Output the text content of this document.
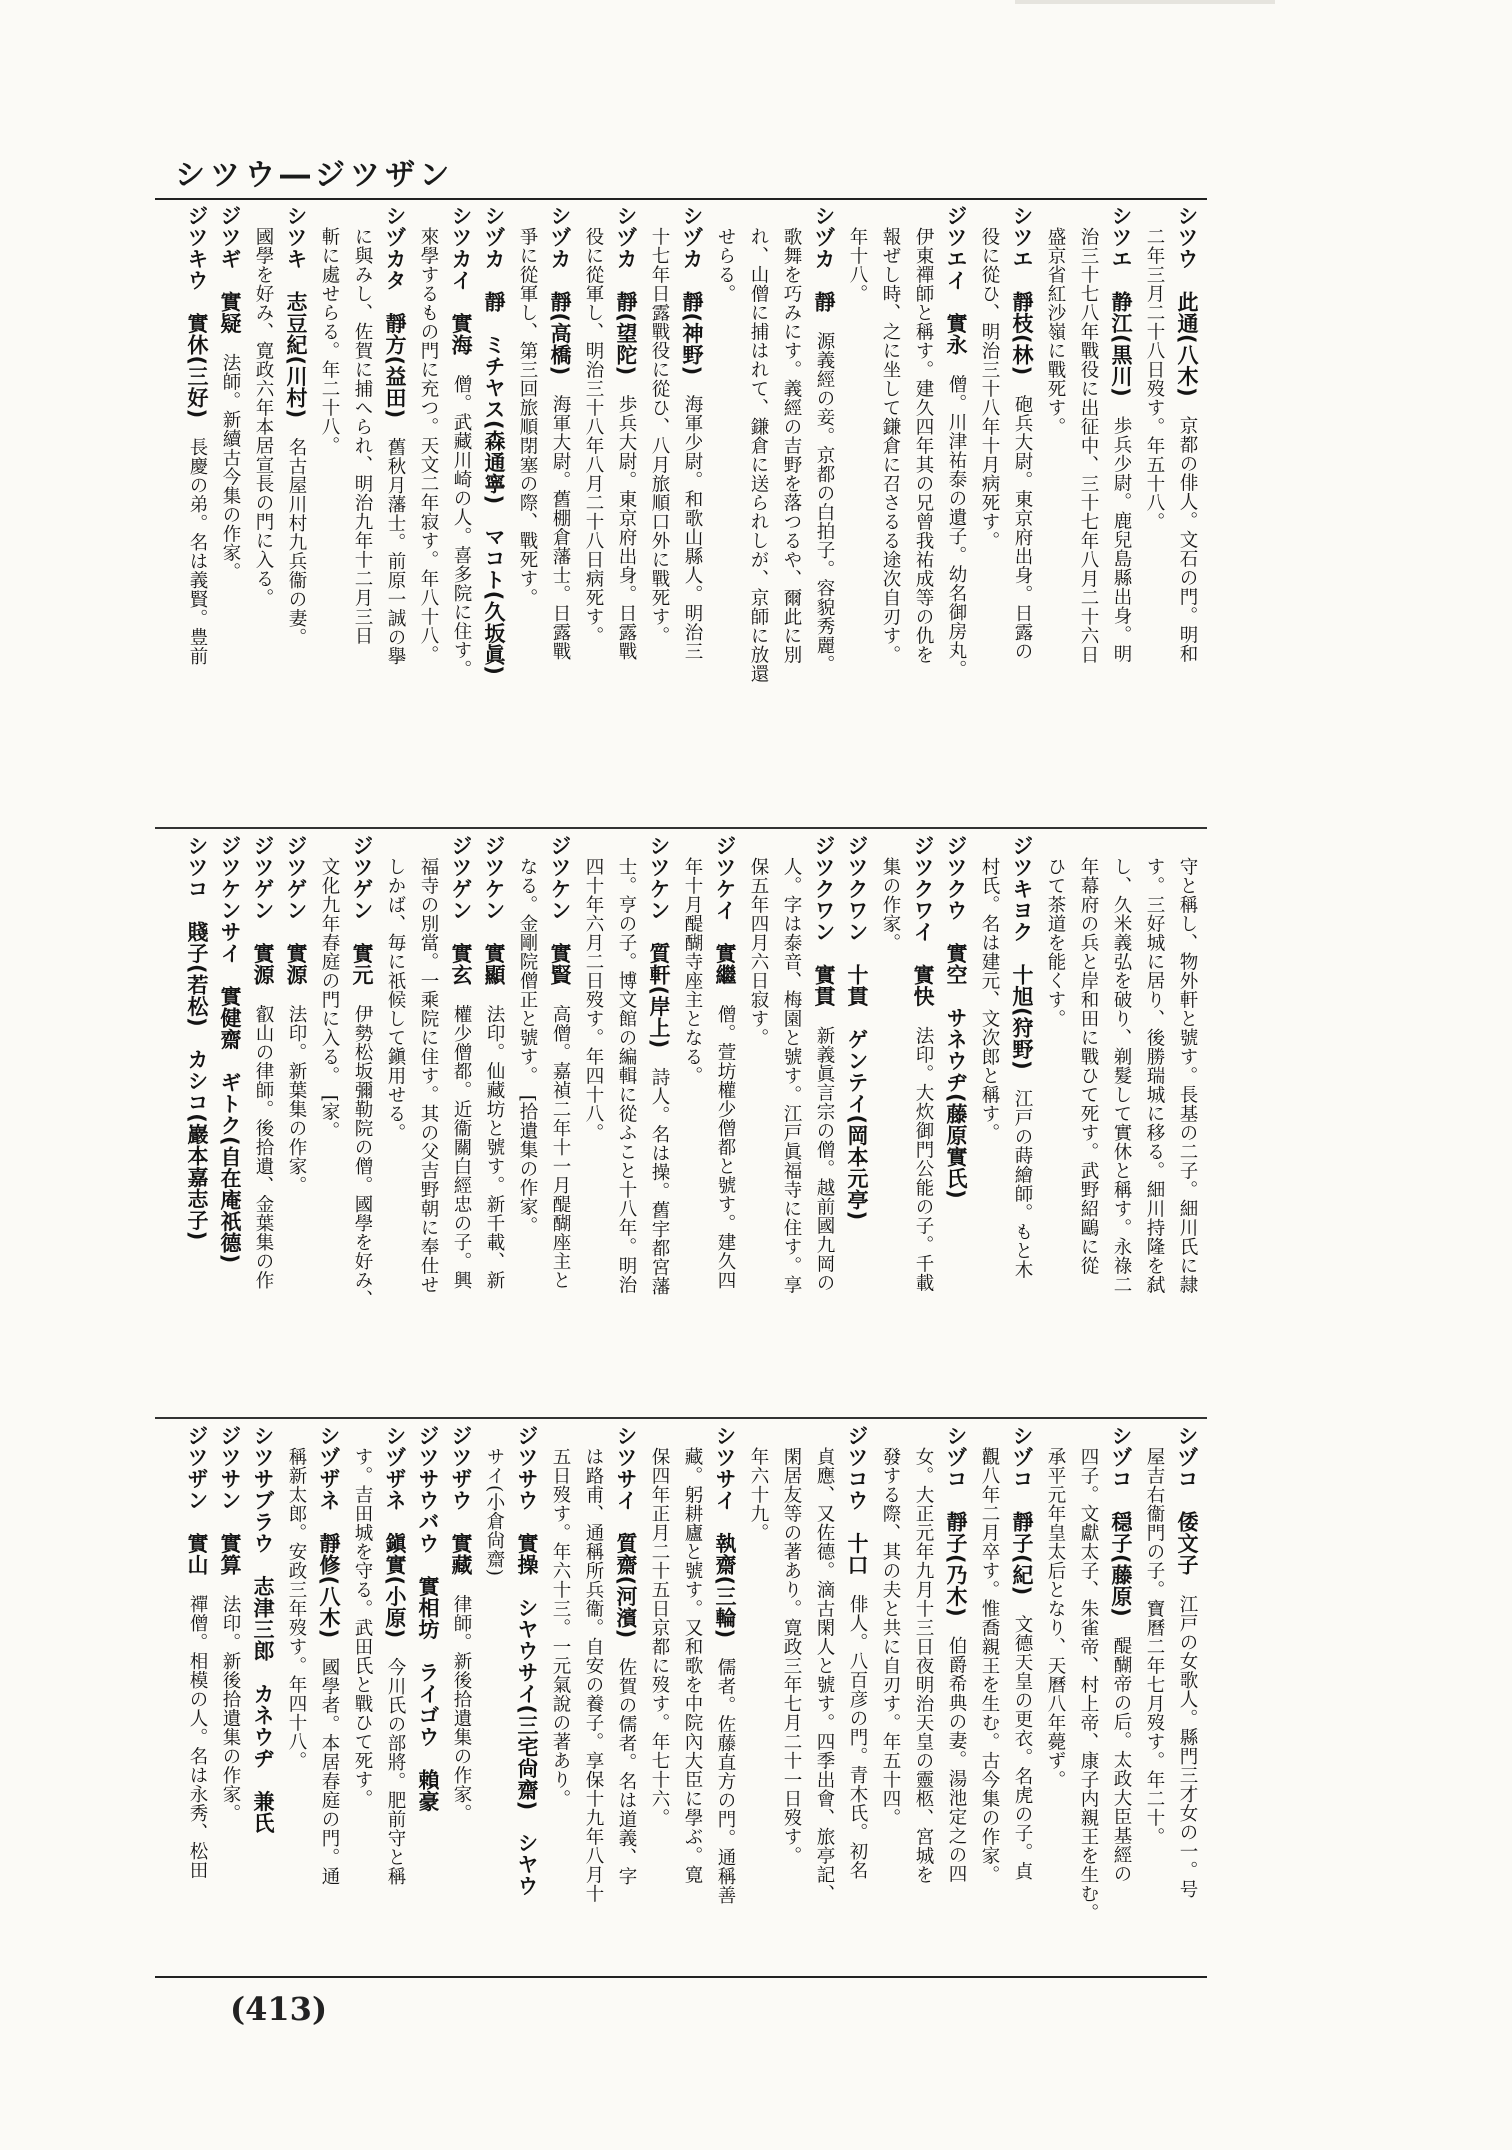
シツウ―ジツザン
シツウ　此通(八木)　京都の俳人。文石の門。明和
二年三月二十八日歿す。年五十八。
シツエ　静江(黒川)　歩兵少尉。鹿兒島縣出身。明
治三十七八年戰役に出征中、三十七年八月二十六日
盛京省紅沙嶺に戰死す。
シツエ　靜枝(林)　砲兵大尉。東京府出身。日露の
役に從ひ、明治三十八年十月病死す。
ジツエイ　實永　僧。川津祐泰の遺子。幼名御房丸。
伊東禪師と稱す。建久四年其の兄曾我祐成等の仇を
報ぜし時、之に坐して鎌倉に召さるる途次自刃す。
年十八。
シヅカ　靜　源義經の妾。京都の白拍子。容貌秀麗。
歌舞を巧みにす。義經の吉野を落つるや、爾此に別
れ、山僧に捕はれて、鎌倉に送られしが、京師に放還
せらる。
シヅカ　靜(神野)　海軍少尉。和歌山縣人。明治三
十七年日露戰役に從ひ、八月旅順口外に戰死す。
シヅカ　靜(望陀)　歩兵大尉。東京府出身。日露戰
役に從軍し、明治三十八年八月二十八日病死す。
シヅカ　靜(高橋)　海軍大尉。舊棚倉藩士。日露戰
爭に從軍し、第三回旅順閉塞の際、戰死す。
シヅカ　靜　ミチヤス(森通寧)　マコト(久坂眞)
シツカイ　實海　僧。武藏川崎の人。喜多院に住す。
來學するもの門に充つ。天文二年寂す。年八十八。
シヅカタ　靜方(益田)　舊秋月藩士。前原一誠の擧
に與みし、佐賀に捕へられ、明治九年十二月三日
斬に處せらる。年二十八。
シツキ　志豆紀(川村)　名古屋川村九兵衞の妻。
國學を好み、寛政六年本居宣長の門に入る。
ジツギ　實疑　法師。新續古今集の作家。
ジツキウ　實休(三好)　長慶の弟。名は義賢。豊前
守と稱し、物外軒と號す。長基の二子。細川氏に隷
す。三好城に居り、後勝瑞城に移る。細川持隆を弑
し、久米義弘を破り、剃髮して實休と稱す。永祿二
年幕府の兵と岸和田に戰ひて死す。武野紹鷗に從
ひて茶道を能くす。
ジツキヨク　十旭(狩野)　江戸の蒔繪師。もと木
村氏。名は建元、文次郎と稱す。
ジツクウ　實空　サネウヂ(藤原實氏)
ジツクワイ　實快　法印。大炊御門公能の子。千載
集の作家。
ジツクワン　十貫　ゲンテイ(岡本元亭)
ジツクワン　實貫　新義眞言宗の僧。越前國九岡の
人。字は泰音、梅園と號す。江戸眞福寺に住す。享
保五年四月六日寂す。
ジツケイ　實繼　僧。萱坊權少僧都と號す。建久四
年十月醍醐寺座主となる。
シツケン　質軒(岸上)　詩人。名は操。舊宇都宮藩
士。亨の子。博文館の編輯に從ふこと十八年。明治
四十年六月二日歿す。年四十八。
ジツケン　實賢　高僧。嘉禎二年十一月醍醐座主と
なる。金剛院僧正と號す。　[拾遺集の作家。
ジツケン　實顯　法印。仙藏坊と號す。新千載、新
ジツゲン　實玄　權少僧都。近衞關白經忠の子。興
福寺の別當。一乘院に住す。其の父吉野朝に奉仕せ
しかば、毎に祇候して鎭用せる。
ジツゲン　實元　伊勢松坂彌勒院の僧。國學を好み、
文化九年春庭の門に入る。　[家。
ジツゲン　實源　法印。新葉集の作家。
ジツゲン　實源　叡山の律師。後拾遺、金葉集の作
ジツケンサイ　實健齋　ギトク(自在庵祇德)
シツコ　賤子(若松)　カシコ(巖本嘉志子)
シヅコ　倭文子　江戸の女歌人。縣門三才女の一。号
屋吉右衞門の子。寶曆二年七月歿す。年二十。
シヅコ　穏子(藤原)　醍醐帝の后。太政大臣基經の
四子。文獻太子、朱雀帝、村上帝、康子内親王を生む。
承平元年皇太后となり、天曆八年薨ず。
シヅコ　靜子(紀)　文德天皇の更衣。名虎の子。貞
觀八年二月卒す。惟喬親王を生む。古今集の作家。
シヅコ　靜子(乃木)　伯爵希典の妻。湯池定之の四
女。大正元年九月十三日夜明治天皇の靈柩、宮城を
發する際、其の夫と共に自刃す。年五十四。
ジツコウ　十口　俳人。八百彦の門。青木氏。初名
貞應、又佐德。滴古閑人と號す。四季出會、旅亭記、
閑居友等の著あり。寛政三年七月二十一日歿す。
年六十九。
シツサイ　執齋(三輪)　儒者。佐藤直方の門。通稱善
藏。躬耕廬と號す。又和歌を中院內大臣に學ぶ。寛
保四年正月二十五日京都に歿す。年七十六。
シツサイ　質齋(河濱)　佐賀の儒者。名は道義、字
は路甫、通稱所兵衞。自安の養子。享保十九年八月十
五日歿す。年六十三。一元氣說の著あり。
ジツサウ　實操　シヤウサイ(三宅尙齋)　シヤウ
サイ(小倉尙齋)
ジツザウ　實藏　律師。新後拾遺集の作家。
ジツサウバウ　實相坊　ライゴウ　賴豪
シヅザネ　鎭實(小原)　今川氏の部將。肥前守と稱
す。吉田城を守る。武田氏と戰ひて死す。
シヅザネ　靜修(八木)　國學者。本居春庭の門。通
稱新太郎。安政三年歿す。年四十八。
シツサブラウ　志津三郎　カネウヂ　兼氏
ジツサン　實算　法印。新後拾遺集の作家。
ジツザン　實山　禪僧。相模の人。名は永秀、松田
(413)
